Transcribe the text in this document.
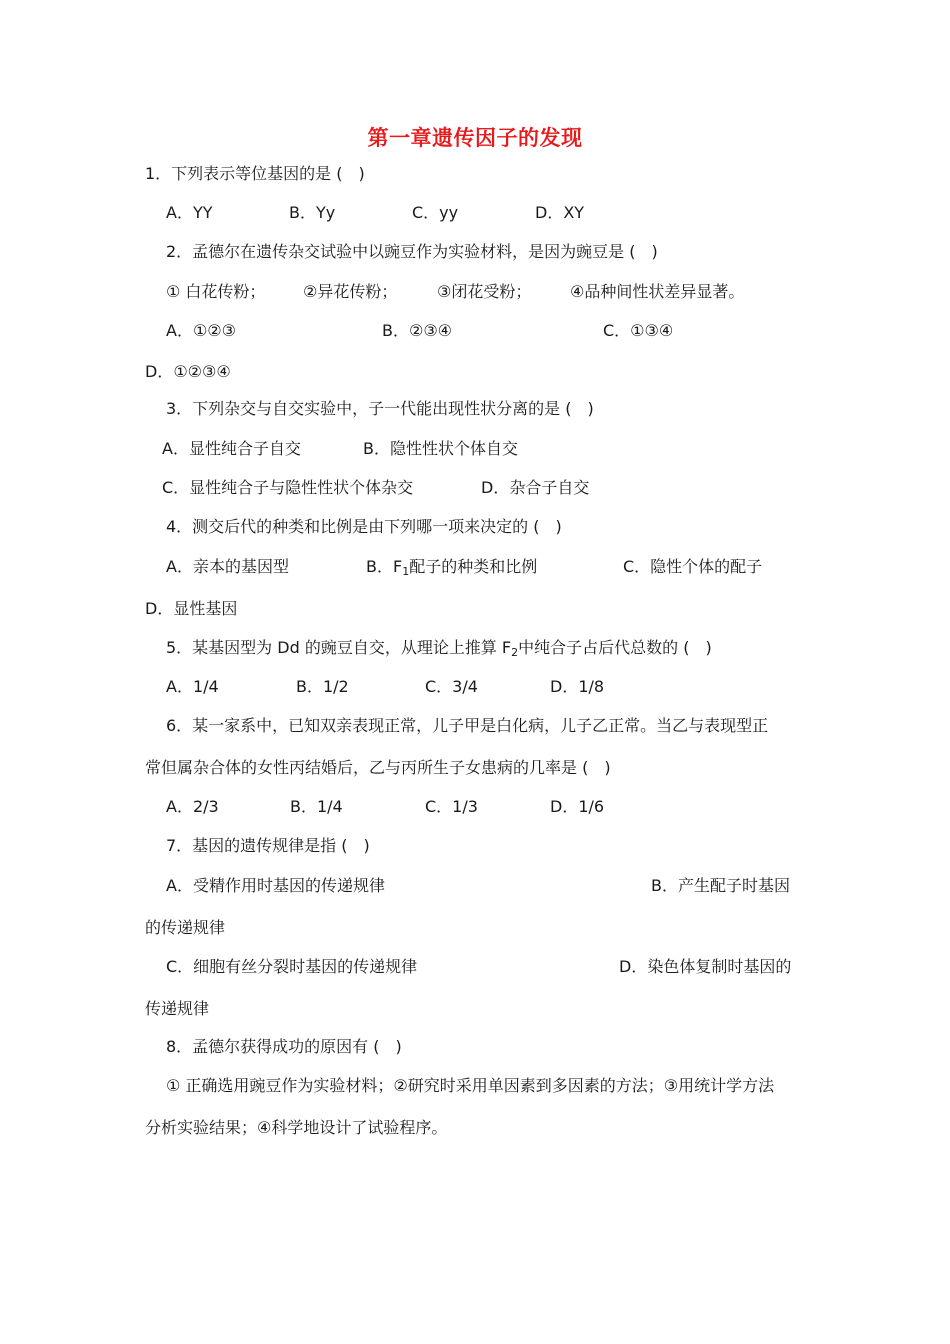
第一章遗传因子的发现
1．下列表示等位基因的是 (　)
A．YY	B．Yy	C．yy	D．XY
2．孟德尔在遗传杂交试验中以豌豆作为实验材料，是因为豌豆是 (　)
① 白花传粉； ②异花传粉； ③闭花受粉； ④品种间性状差异显著。
A．①②③	B．②③④	C．①③④
D．①②③④
3．下列杂交与自交实验中，子一代能出现性状分离的是 (　)
A．显性纯合子自交	B．隐性性状个体自交
C．显性纯合子与隐性性状个体杂交	D．杂合子自交
4．测交后代的种类和比例是由下列哪一项来决定的 (　)
A．亲本的基因型	B．$F_1$配子的种类和比例	C．隐性个体的配子
D．显性基因
5．某基因型为 Dd 的豌豆自交，从理论上推算 $F_2$中纯合子占后代总数的 (　)
A．1/4	B．1/2	C．3/4	D．1/8
6．某一家系中，已知双亲表现正常，儿子甲是白化病，儿子乙正常。当乙与表现型正
常但属杂合体的女性丙结婚后，乙与丙所生子女患病的几率是 (　)
A．2/3	B．1/4	C．1/3	D．1/6
7．基因的遗传规律是指 (　)
A．受精作用时基因的传递规律	B．产生配子时基因
的传递规律
C．细胞有丝分裂时基因的传递规律	D．染色体复制时基因的
传递规律
8．孟德尔获得成功的原因有 (　)
① 正确选用豌豆作为实验材料；②研究时采用单因素到多因素的方法；③用统计学方法
分析实验结果；④科学地设计了试验程序。
